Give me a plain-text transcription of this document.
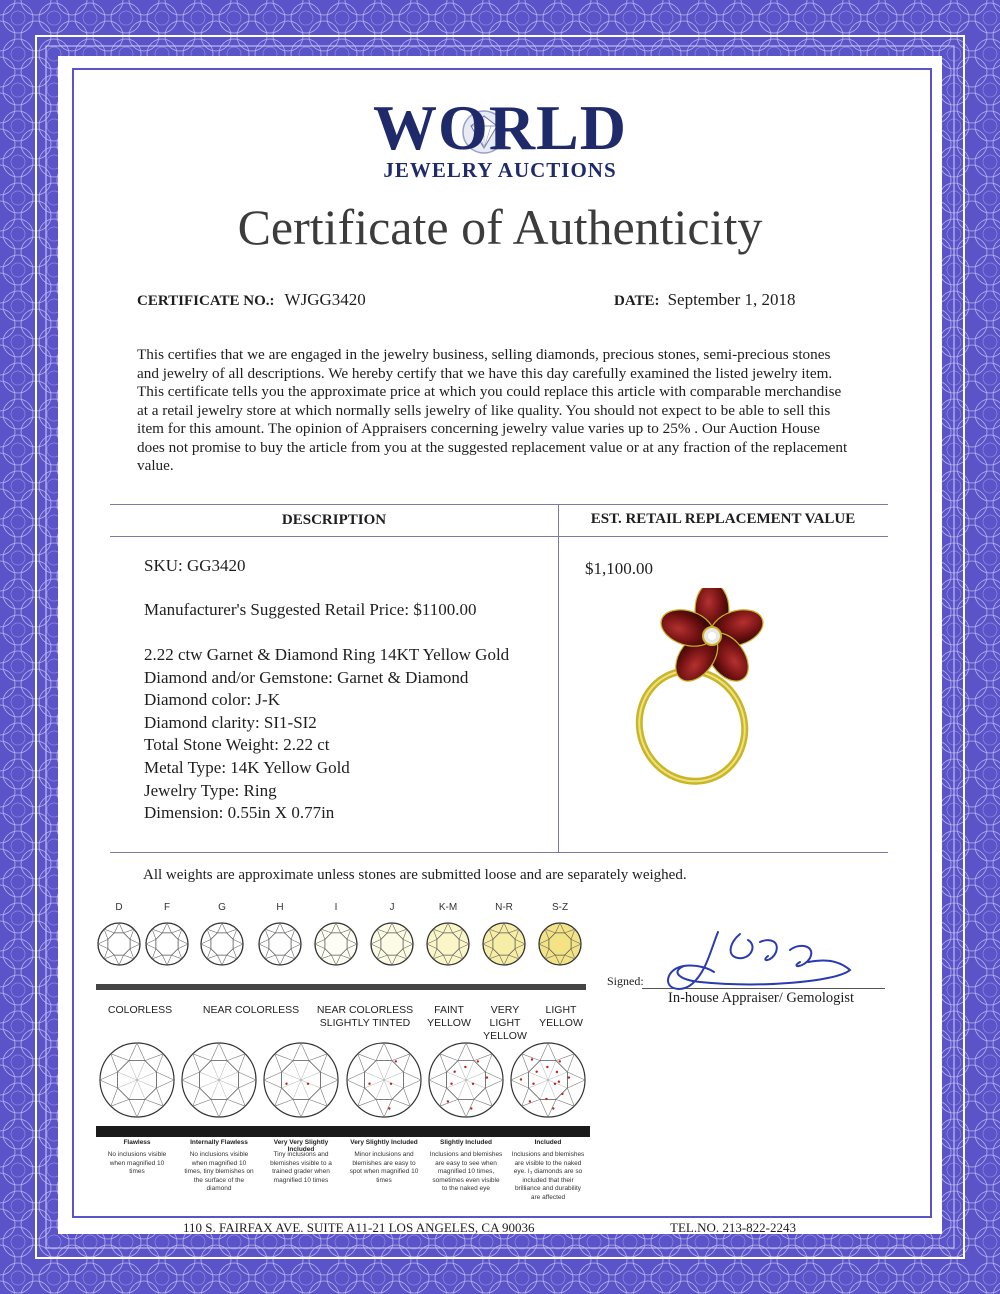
WORLD
JEWELRY AUCTIONS
Certificate of Authenticity
CERTIFICATE NO.: WJGG3420	DATE: September 1, 2018
This certifies that we are engaged in the jewelry business, selling diamonds, precious stones, semi-precious stones
and jewelry of all descriptions. We hereby certify that we have this day carefully examined the listed jewelry item.
This certificate tells you the approximate price at which you could replace this article with comparable merchandise
at a retail jewelry store at which normally sells jewelry of like quality. You should not expect to be able to sell this
item for this amount. The opinion of Appraisers concerning jewelry value varies up to 25% . Our Auction House
does not promise to buy the article from you at the suggested replacement value or at any fraction of the replacement
value.
DESCRIPTION	EST. RETAIL REPLACEMENT VALUE
SKU: GG3420
Manufacturer's Suggested Retail Price: $1100.00
2.22 ctw Garnet & Diamond Ring 14KT Yellow Gold
Diamond and/or Gemstone: Garnet & Diamond
Diamond color: J-K
Diamond clarity: SI1-SI2
Total Stone Weight: 2.22 ct
Metal Type: 14K Yellow Gold
Jewelry Type: Ring
Dimension: 0.55in X 0.77in
$1,100.00
All weights are approximate unless stones are submitted loose and are separately weighed.
D	F	G	H	I	J	K-M	N-R	S-Z
COLORLESS	NEAR COLORLESS	NEAR COLORLESS
SLIGHTLY TINTED
FAINT
YELLOW
VERY LIGHT
YELLOW
LIGHT
YELLOW
Flawless
No inclusions visible
when magnified 10
times
Internally Flawless
No inclusions visible
when magnified 10
times, tiny blemishes on
the surface of the
diamond
Very Very Slightly Included
Tiny inclusions and
blemishes visible to a
trained grader when
magnified 10 times
Very Slightly Included
Minor inclusions and
blemishes are easy to
spot when magnified 10
times
Slightly Included
Inclusions and blemishes
are easy to see when
magnified 10 times,
sometimes even visible
to the naked eye
Included
Inclusions and blemishes
are visible to the naked
eye. I₃ diamonds are so
included that their
brilliance and durability
are affected
Signed:
In-house Appraiser/ Gemologist
110 S. FAIRFAX AVE. SUITE A11-21 LOS ANGELES, CA 90036	TEL.NO. 213-822-2243
